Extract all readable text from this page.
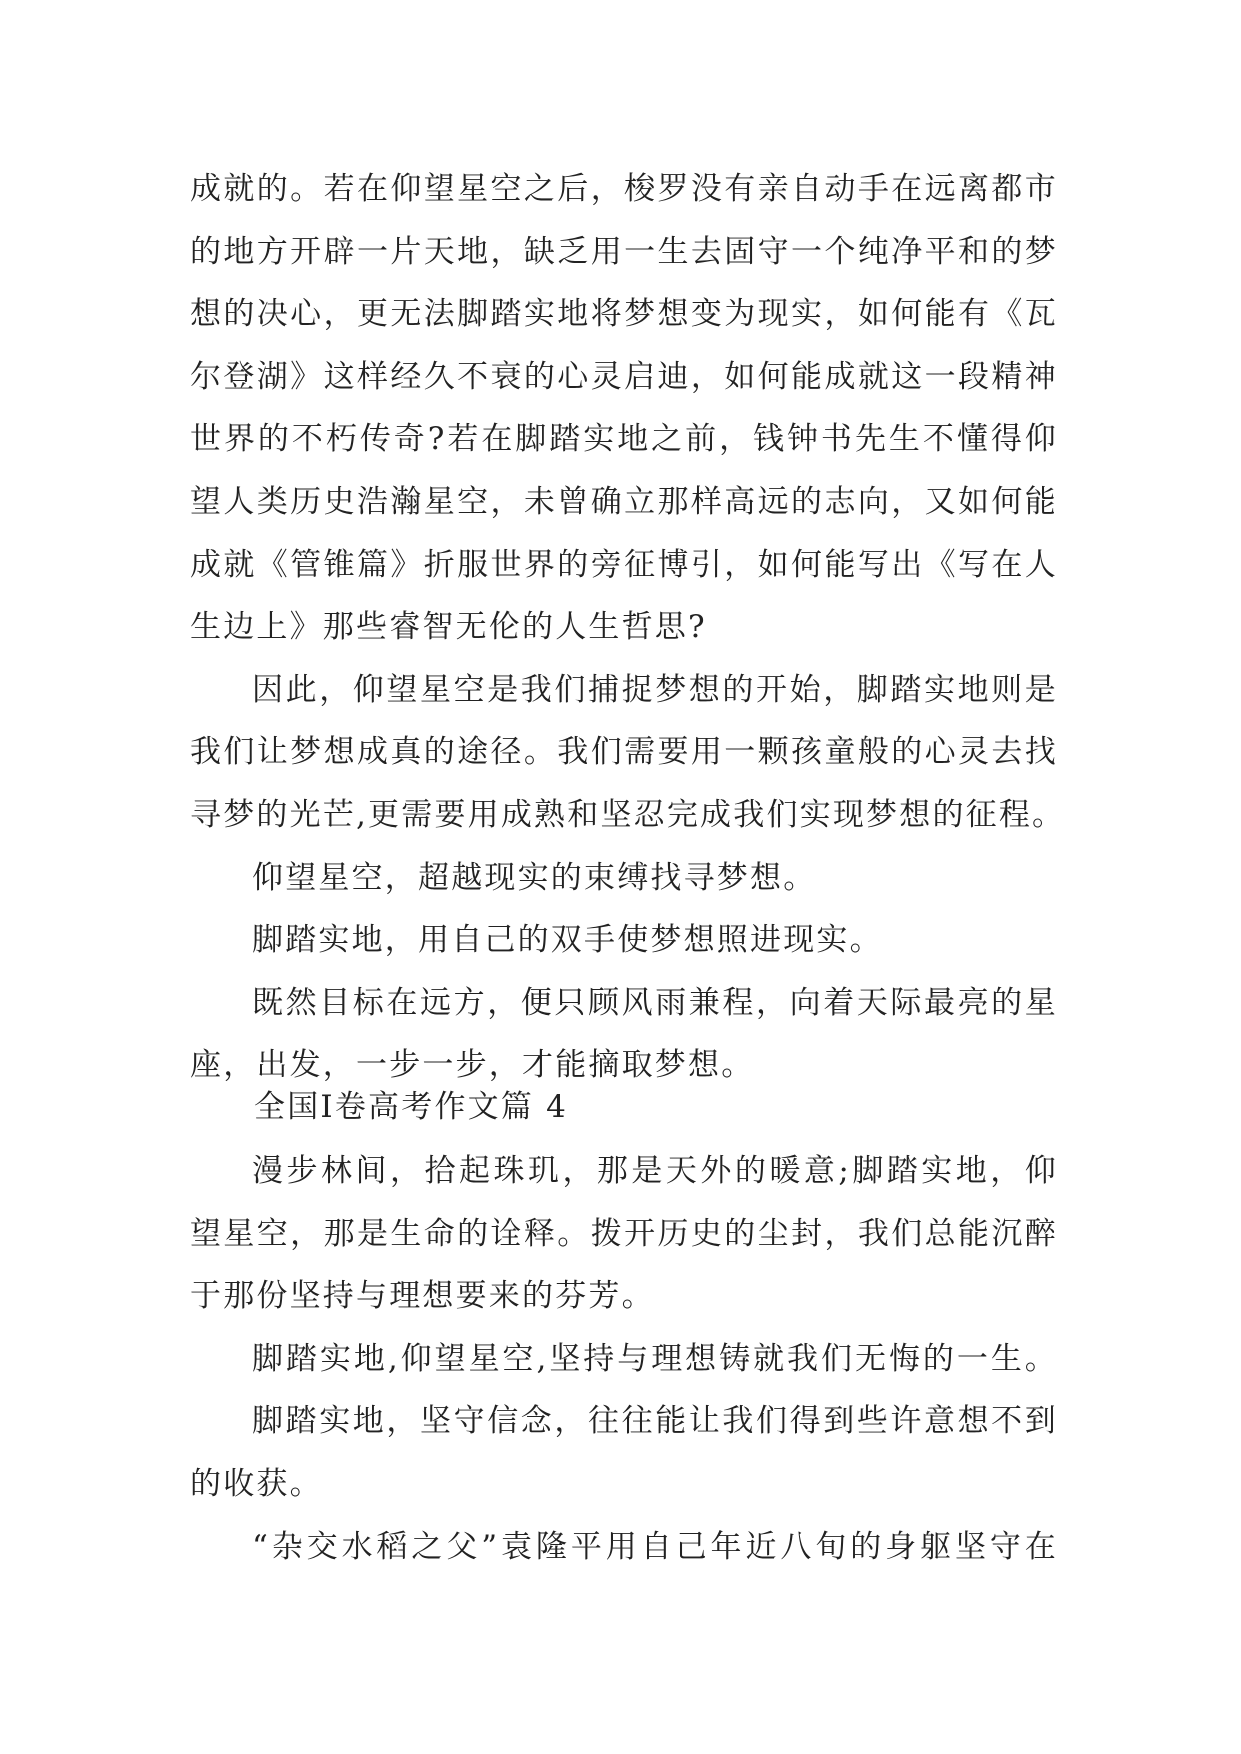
成就的。若在仰望星空之后，梭罗没有亲自动手在远离都市
的地方开辟一片天地，缺乏用一生去固守一个纯净平和的梦
想的决心，更无法脚踏实地将梦想变为现实，如何能有《瓦
尔登湖》这样经久不衰的心灵启迪，如何能成就这一段精神
世界的不朽传奇?若在脚踏实地之前，钱钟书先生不懂得仰
望人类历史浩瀚星空，未曾确立那样高远的志向，又如何能
成就《管锥篇》折服世界的旁征博引，如何能写出《写在人
生边上》那些睿智无伦的人生哲思?

因此，仰望星空是我们捕捉梦想的开始，脚踏实地则是
我们让梦想成真的途径。我们需要用一颗孩童般的心灵去找
寻梦的光芒,更需要用成熟和坚忍完成我们实现梦想的征程。

仰望星空，超越现实的束缚找寻梦想。

脚踏实地，用自己的双手使梦想照进现实。

既然目标在远方，便只顾风雨兼程，向着天际最亮的星
座，出发，一步一步，才能摘取梦想。

全国Ⅰ卷高考作文篇 4

漫步林间，拾起珠玑，那是天外的暖意;脚踏实地，仰
望星空，那是生命的诠释。拨开历史的尘封，我们总能沉醉
于那份坚持与理想要来的芬芳。

脚踏实地,仰望星空,坚持与理想铸就我们无悔的一生。

脚踏实地，坚守信念，往往能让我们得到些许意想不到
的收获。

“杂交水稻之父”袁隆平用自己年近八旬的身躯坚守在
